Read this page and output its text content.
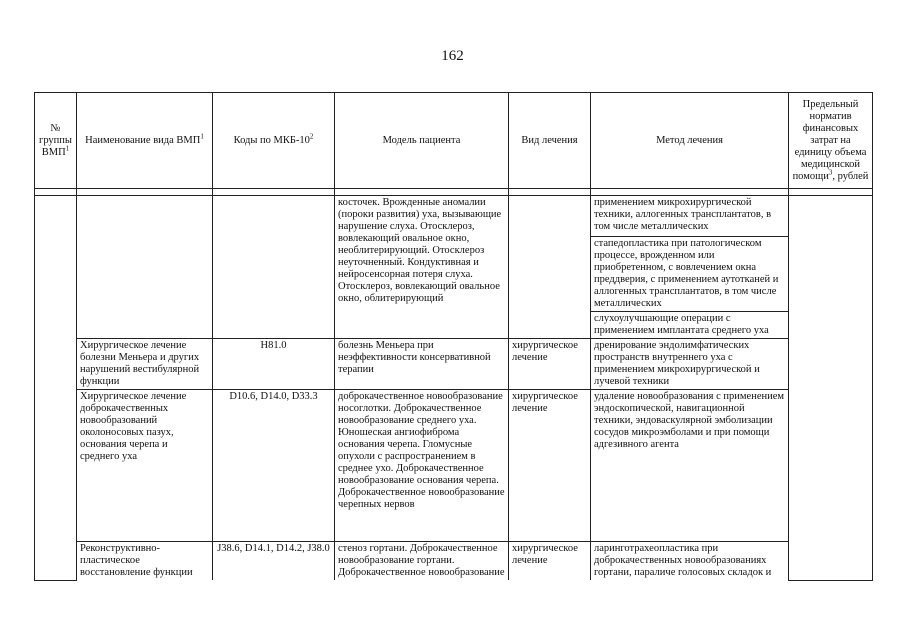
162
№ группы ВМП$^1$	Наименование вида ВМП$^1$	Коды по МКБ-$10^2$	Модель пациента	Вид лечения	Метод лечения	Предельный норматив финансовых затрат на единицу объема медицинской помощи$^3$, рублей

			косточек. Врожденные аномалии (пороки развития) уха, вызывающие нарушение слуха. Отосклероз, вовлекающий овальное окно, необлитерирующий. Отосклероз неуточненный. Кондуктивная и нейросенсорная потеря слуха. Отосклероз, вовлекающий овальное окно, облитерирующий		применением микрохирургической техники, аллогенных трансплантатов, в том числе металлических	
					стапедопластика при патологическом процессе, врожденном или приобретенном, с вовлечением окна преддверия, с применением аутотканей и аллогенных трансплантатов, в том числе металлических	
					слухоулучшающие операции с применением имплантата среднего уха	
	Хирургическое лечение болезни Меньера и других нарушений вестибулярной функции	H81.0	болезнь Меньера при неэффективности консервативной терапии	хирургическое лечение	дренирование эндолимфатических пространств внутреннего уха с применением микрохирургической и лучевой техники	
	Хирургическое лечение доброкачественных новообразований околоносовых пазух, основания черепа и среднего уха	D10.6, D14.0, D33.3	доброкачественное новообразование носоглотки. Доброкачественное новообразование среднего уха. Юношеская ангиофиброма основания черепа. Гломусные опухоли с распространением в среднее ухо. Доброкачественное новообразование основания черепа. Доброкачественное новообразование черепных нервов	хирургическое лечение	удаление новообразования с применением эндоскопической, навигационной техники, эндоваскулярной эмболизации сосудов микроэмболами и при помощи адгезивного агента	
	Реконструктивно-пластическое восстановление функции	J38.6, D14.1, D14.2, J38.0	стеноз гортани. Доброкачественное новообразование гортани. Доброкачественное новообразование	хирургическое лечение	ларинготрахеопластика при доброкачественных новообразованиях гортани, параличе голосовых складок и	
